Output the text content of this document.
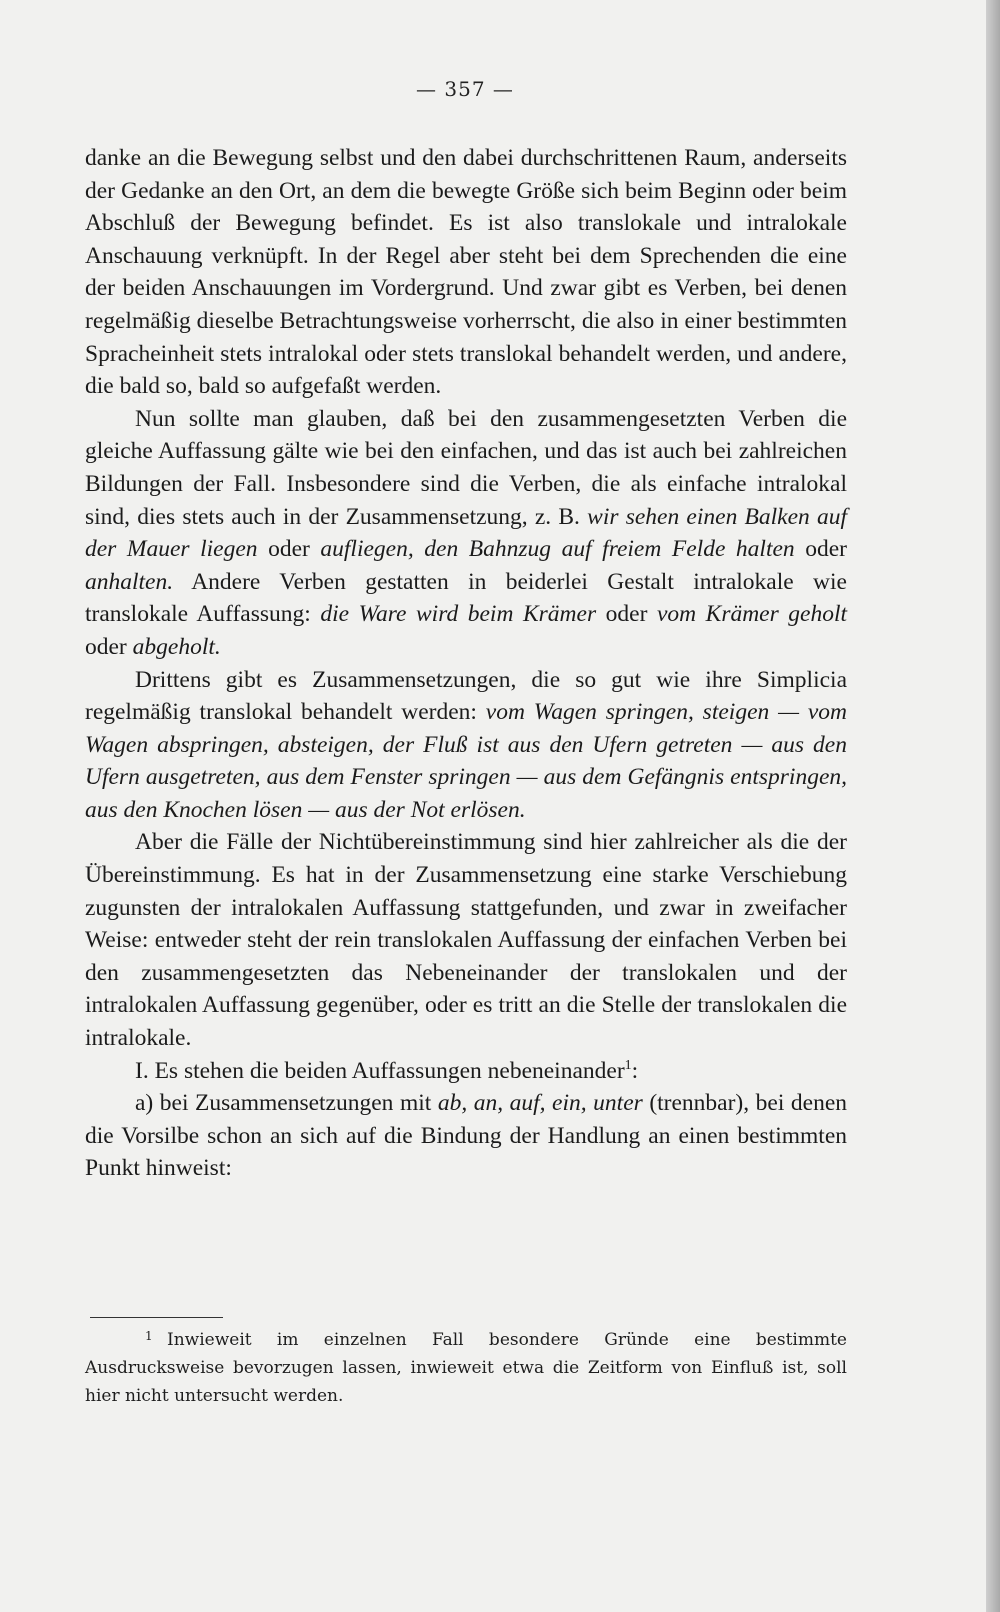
— 357 —

danke an die Bewegung selbst und den dabei durchschrittenen Raum, anderseits der Gedanke an den Ort, an dem die bewegte Größe sich beim Beginn oder beim Abschluß der Bewegung befindet. Es ist also translokale und intralokale Anschauung verknüpft. In der Regel aber steht bei dem Sprechenden die eine der beiden Anschauungen im Vordergrund. Und zwar gibt es Verben, bei denen regelmäßig dieselbe Betrachtungsweise vorherrscht, die also in einer bestimmten Spracheinheit stets intralokal oder stets translokal behandelt werden, und andere, die bald so, bald so aufgefaßt werden.

Nun sollte man glauben, daß bei den zusammengesetzten Verben die gleiche Auffassung gälte wie bei den einfachen, und das ist auch bei zahlreichen Bildungen der Fall. Insbesondere sind die Verben, die als einfache intralokal sind, dies stets auch in der Zusammensetzung, z. B. wir sehen einen Balken auf der Mauer liegen oder aufliegen, den Bahnzug auf freiem Felde halten oder anhalten. Andere Verben gestatten in beiderlei Gestalt intralokale wie translokale Auffassung: die Ware wird beim Krämer oder vom Krämer geholt oder abgeholt.

Drittens gibt es Zusammensetzungen, die so gut wie ihre Simplicia regelmäßig translokal behandelt werden: vom Wagen springen, steigen — vom Wagen abspringen, absteigen, der Fluß ist aus den Ufern getreten — aus den Ufern ausgetreten, aus dem Fenster springen — aus dem Gefängnis entspringen, aus den Knochen lösen — aus der Not erlösen.

Aber die Fälle der Nichtübereinstimmung sind hier zahlreicher als die der Übereinstimmung. Es hat in der Zusammensetzung eine starke Verschiebung zugunsten der intralokalen Auffassung stattgefunden, und zwar in zweifacher Weise: entweder steht der rein translokalen Auffassung der einfachen Verben bei den zusammengesetzten das Nebeneinander der translokalen und der intralokalen Auffassung gegenüber, oder es tritt an die Stelle der translokalen die intralokale.

I. Es stehen die beiden Auffassungen nebeneinander$^1$:

a) bei Zusammensetzungen mit ab, an, auf, ein, unter (trennbar), bei denen die Vorsilbe schon an sich auf die Bindung der Handlung an einen bestimmten Punkt hinweist:

1 Inwieweit im einzelnen Fall besondere Gründe eine bestimmte Ausdrucksweise bevorzugen lassen, inwieweit etwa die Zeitform von Einfluß ist, soll hier nicht untersucht werden.
